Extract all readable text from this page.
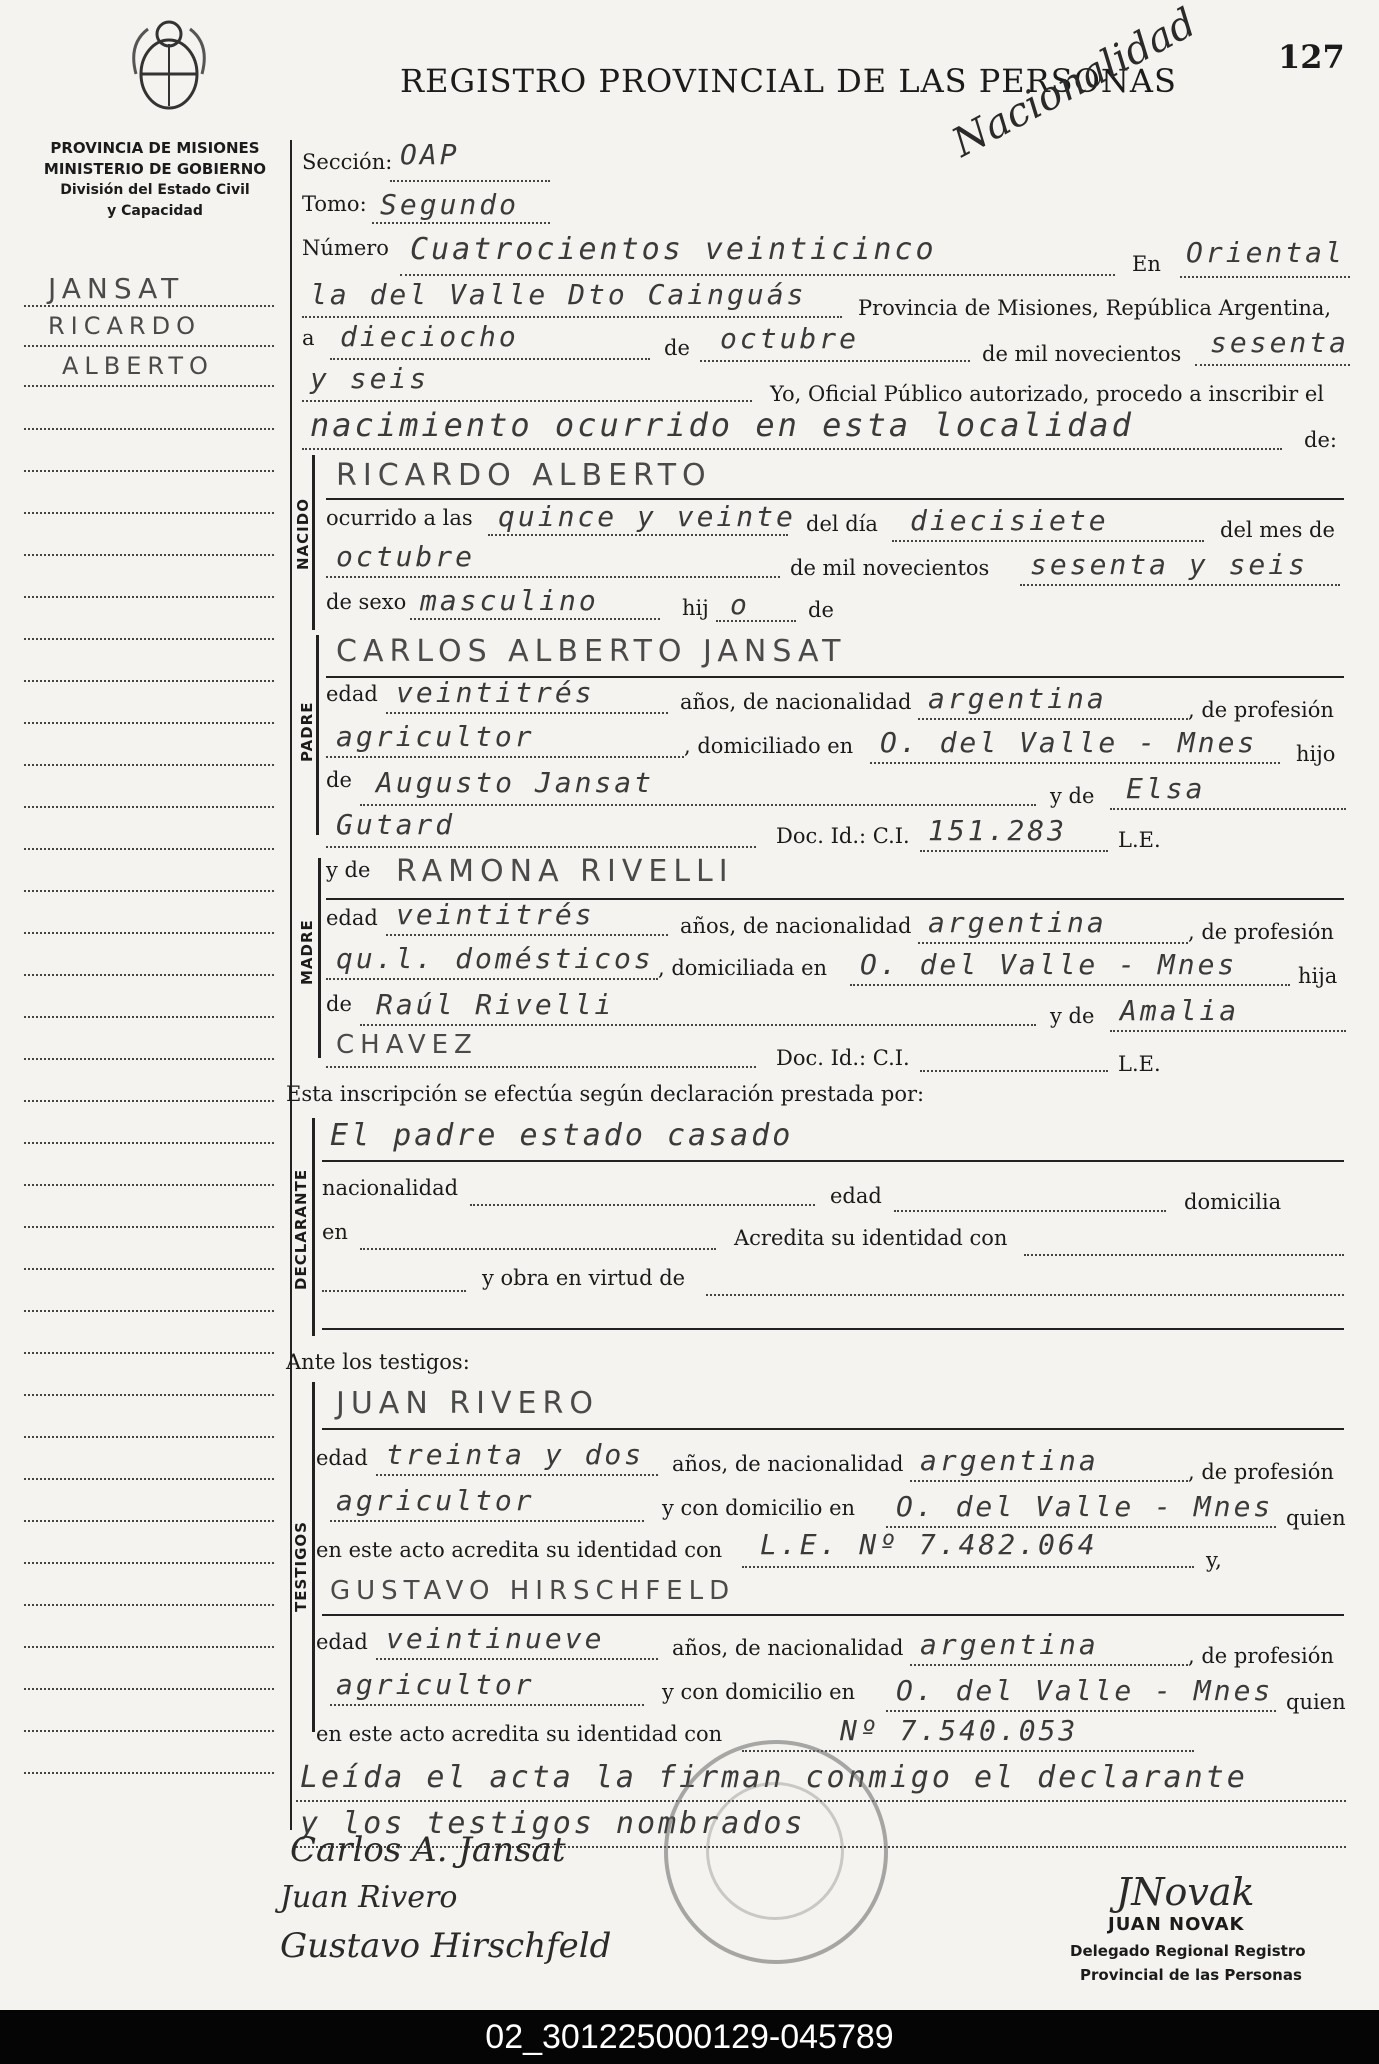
PROVINCIA DE MISIONES
MINISTERIO DE GOBIERNO
División del Estado Civil
y Capacidad
REGISTRO PROVINCIAL DE LAS PERSONAS
127
Nacionalidad
JANSAT
RICARDO
ALBERTO
Sección: OAP
Tomo: Segundo
Número Cuatrocientos veinticinco	En Oriental
la del Valle Dto Cainguás Provincia de Misiones, República Argentina,
a dieciocho	de octubre	de mil novecientos sesenta
y seis	Yo, Oficial Público autorizado, procedo a inscribir el
nacimiento ocurrido en esta localidad	de:
NACIDO
RICARDO ALBERTO
ocurrido a las quince y veinte del día diecisiete	del mes de
octubre	de mil novecientos sesenta y seis
de sexo masculino	hij o	de
PADRE
CARLOS ALBERTO JANSAT
edad veintitrés	años, de nacionalidad argentina	, de profesión
agricultor	, domiciliado en O. del Valle - Mnes hijo
de Augusto Jansat	y de Elsa
Gutard	Doc. Id.: C.I. 151.283 L.E.
MADRE
y de RAMONA RIVELLI
edad veintitrés	años, de nacionalidad argentina	, de profesión
qu.l. domésticos , domiciliada en O. del Valle - Mnes	hija
de Raúl Rivelli	y de Amalia
CHAVEZ	Doc. Id.: C.I.	L.E.
Esta inscripción se efectúa según declaración prestada por:
DECLARANTE
El padre estado casado
nacionalidad	edad	domicilia
en	Acredita su identidad con
y obra en virtud de
Ante los testigos:
TESTIGOS
JUAN RIVERO
edad treinta y dos años, de nacionalidad argentina	, de profesión
agricultor	y con domicilio en O. del Valle - Mnes quien
en este acto acredita su identidad con L.E. Nº 7.482.064	y,
GUSTAVO HIRSCHFELD
edad veintinueve	años, de nacionalidad argentina	, de profesión
agricultor	y con domicilio en O. del Valle - Mnes quien
en este acto acredita su identidad con	Nº 7.540.053
Leída el acta la firman conmigo el declarante
y los testigos nombrados
Carlos A. Jansat
Juan Rivero
Gustavo Hirschfeld
JNovak
JUAN NOVAK
Delegado Regional Registro
Provincial de las Personas
02_301225000129-045789
